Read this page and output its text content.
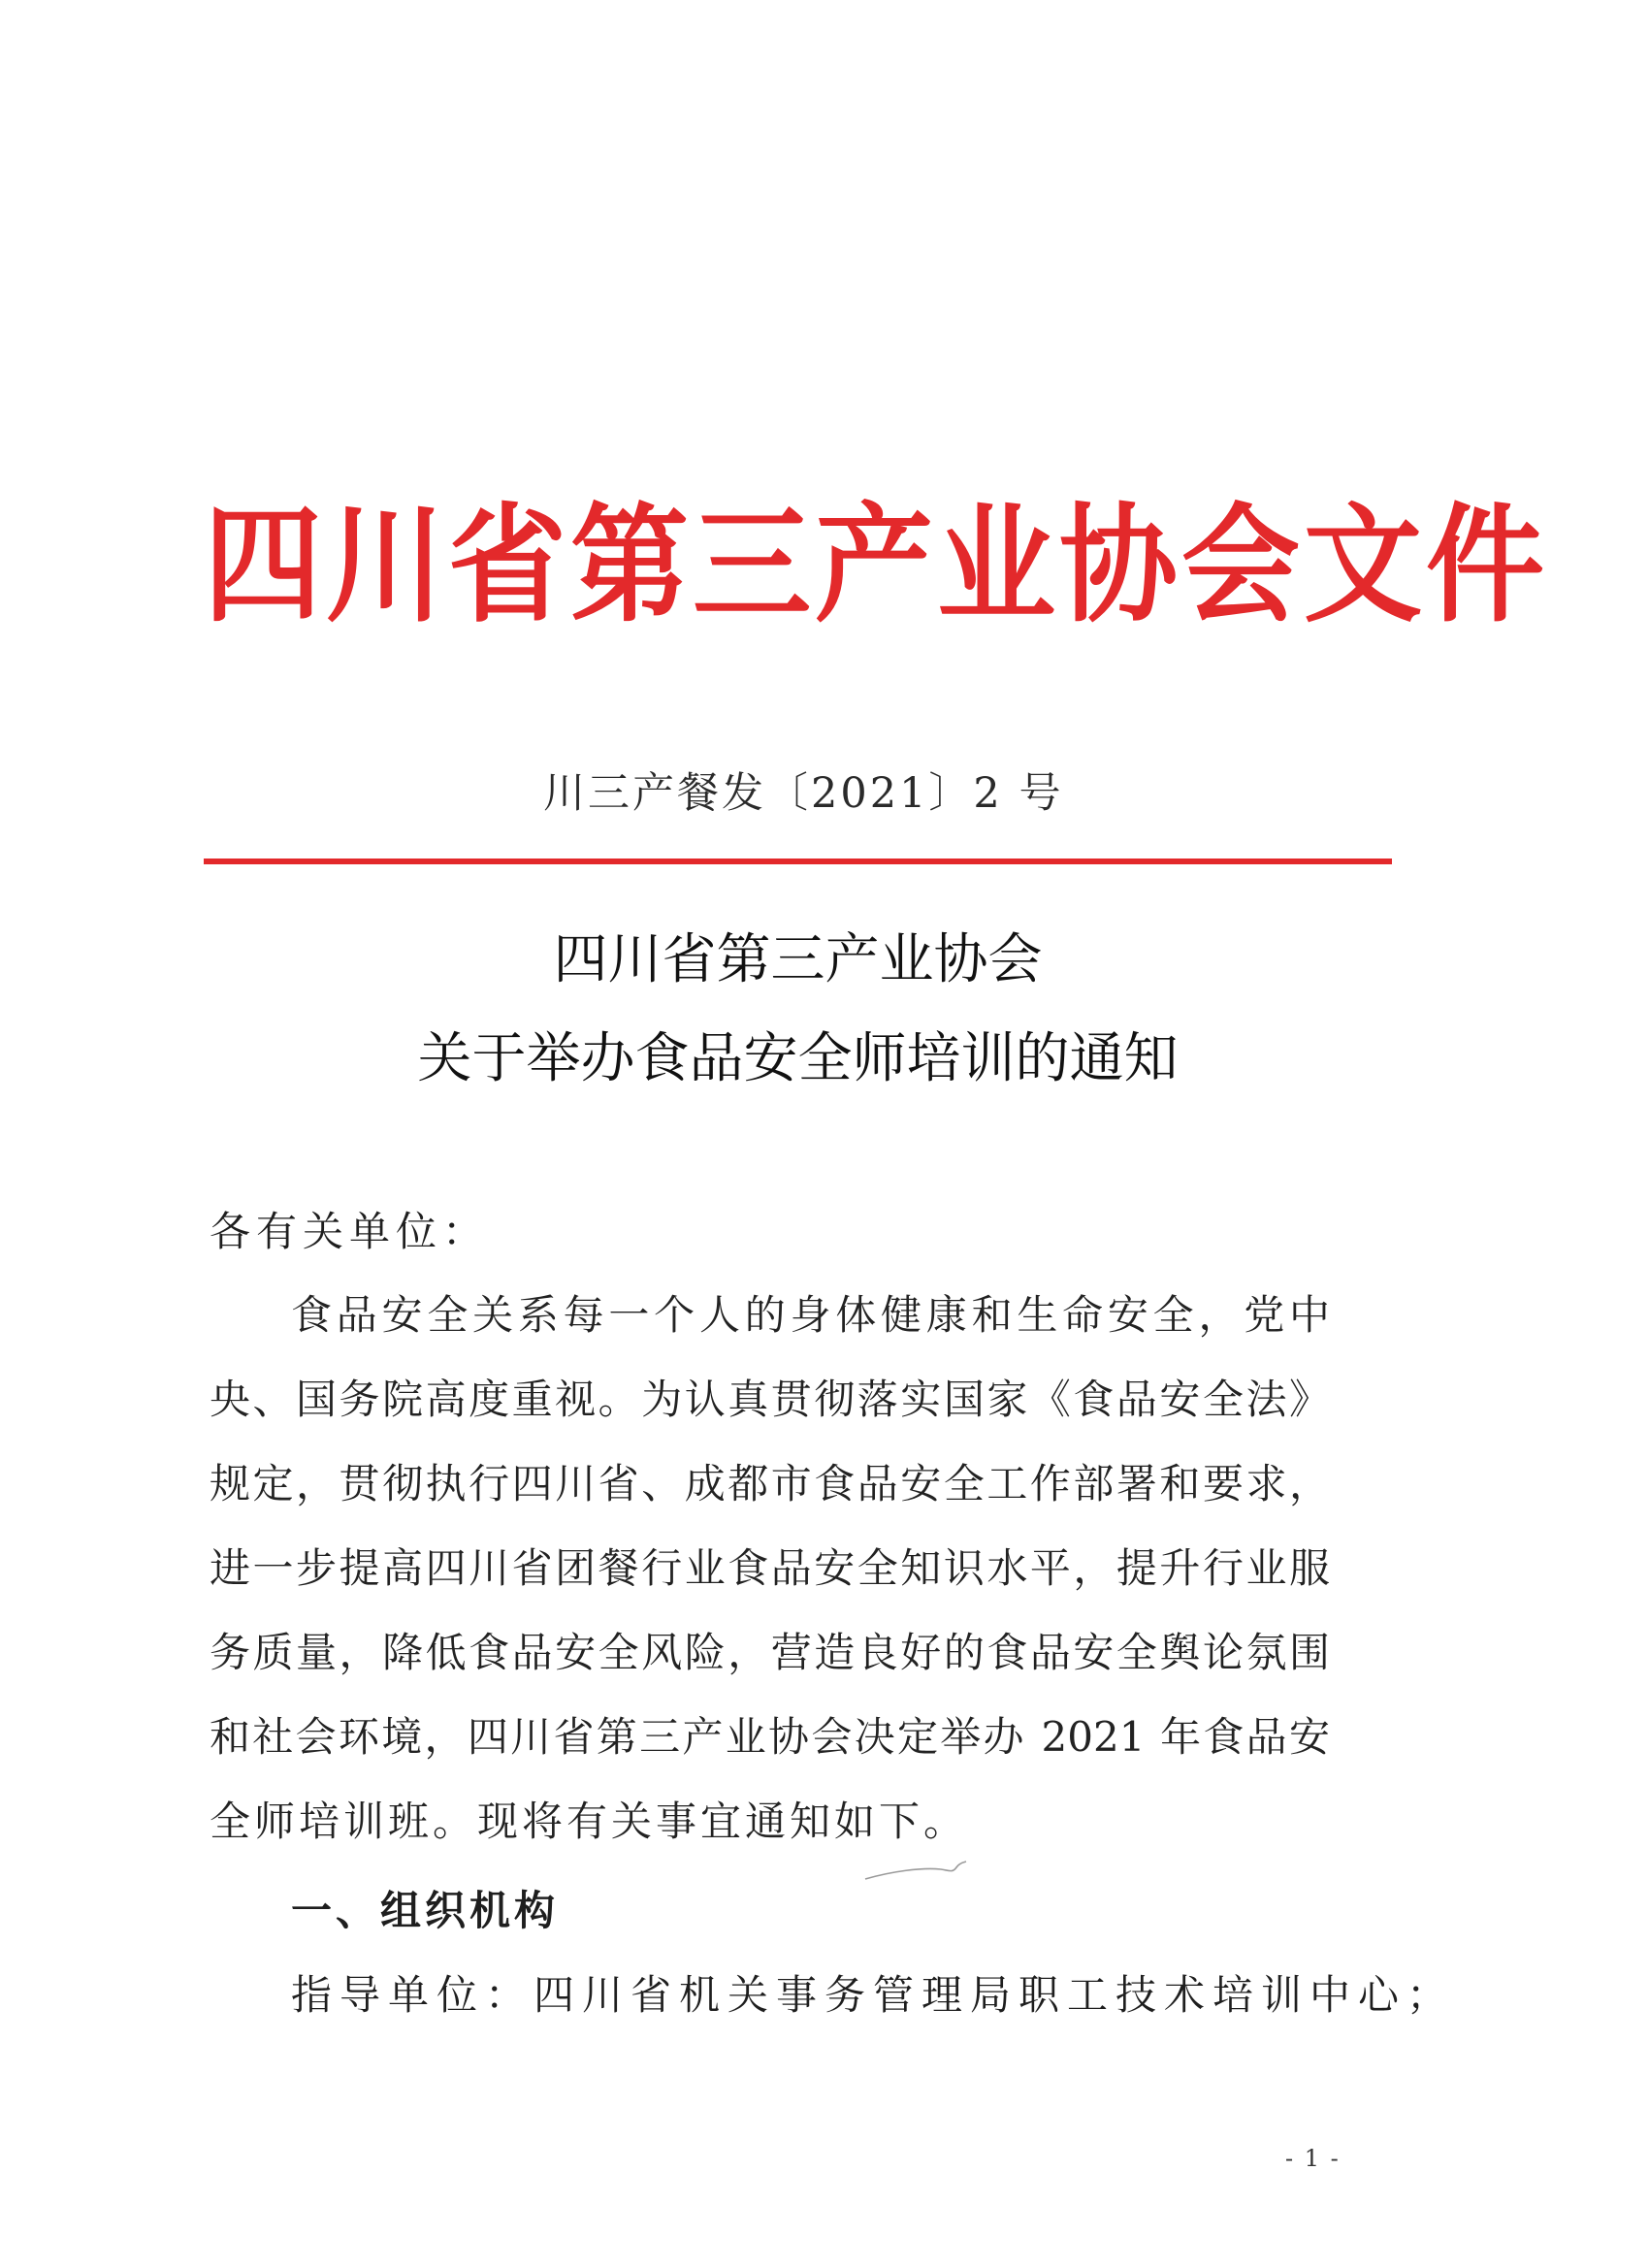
四川省第三产业协会文件
川三产餐发〔2021〕2 号
四川省第三产业协会
关于举办食品安全师培训的通知
各有关单位：
食品安全关系每一个人的身体健康和生命安全，党中
央、国务院高度重视。为认真贯彻落实国家《食品安全法》
规定，贯彻执行四川省、成都市食品安全工作部署和要求，
进一步提高四川省团餐行业食品安全知识水平，提升行业服
务质量，降低食品安全风险，营造良好的食品安全舆论氛围
和社会环境，四川省第三产业协会决定举办 2021 年食品安
全师培训班。现将有关事宜通知如下。
一、组织机构
指导单位：四川省机关事务管理局职工技术培训中心；
- 1 -
